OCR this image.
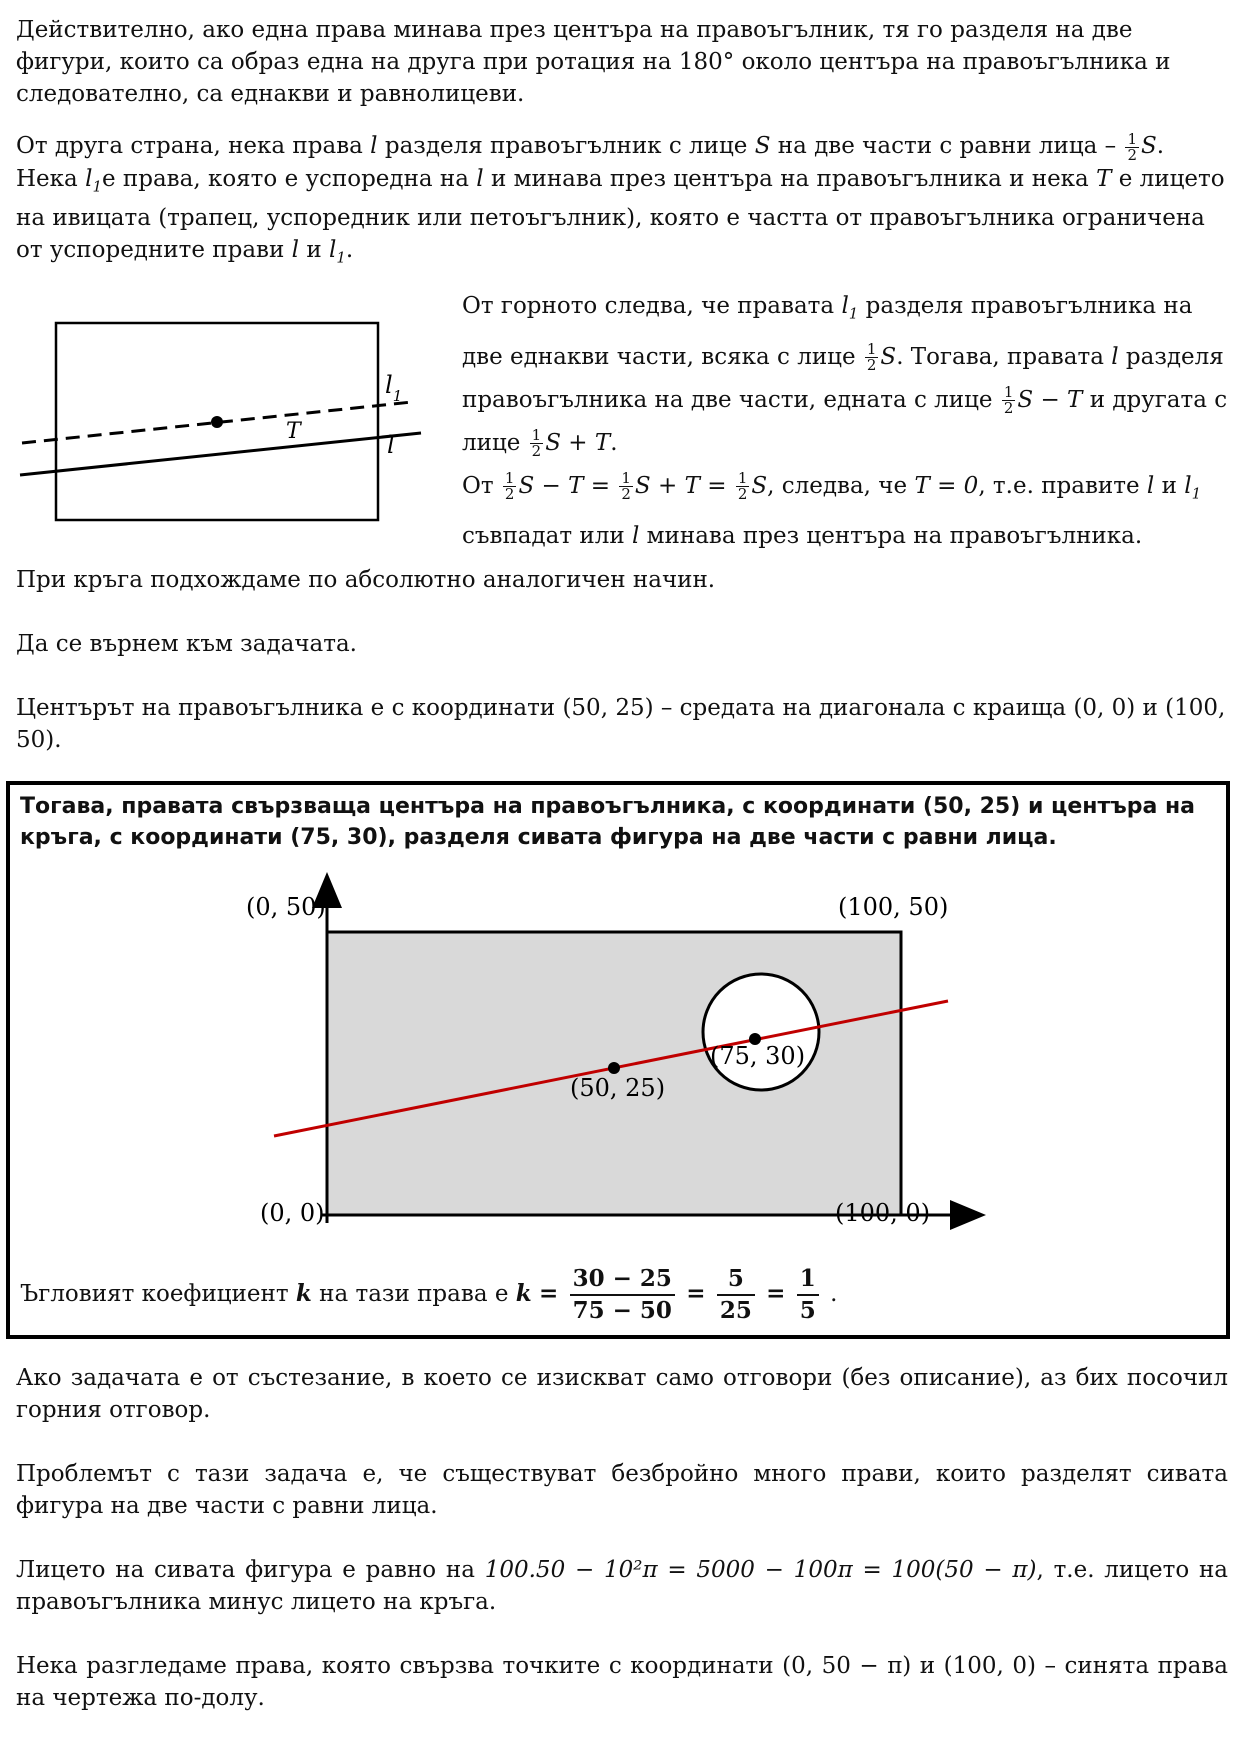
Действително, ако една права минава през центъра на правоъгълник, тя го разделя на две фигури, които са образ една на друга при ротация на 180° около центъра на правоъгълника и следователно, са еднакви и равнолицеви.
От друга страна, нека права l разделя правоъгълник с лице S на две части с равни лица – $\frac{1}{2} S$. Нека $l_1е$ права, която е успоредна на l и минава през центъра на правоъгълника и нека T е лицето на ивицата (трапец, успоредник или петоъгълник), която е частта от правоъгълника ограничена от успоредните прави l и $l_1$.
$l_1$
T	l
От горното следва, че правата $l_1$ разделя правоъгълника на две еднакви части, всяка с лице $\frac{1}{2} S$. Тогава, правата l разделя правоъгълника на две части, едната с лице $\frac{1}{2}$ S − T и другата с лице $\frac{1}{2}$ S + T.
От $\frac{1}{2}$ $S - T = \frac{1}{2}$ $S + T = \frac{1}{2} S$, следва, че T = 0, т.е. правите l и $l_1$ съвпадат или l минава през центъра на правоъгълника.
При кръга подхождаме по абсолютно аналогичен начин.
Да се върнем към задачата.
Центърът на правоъгълника е с координати (50, 25) – средата на диагонала с краища (0, 0) и (100, 50).
Тогава, правата свързваща центъра на правоъгълника, с координати (50, 25) и центъра на кръга, с координати (75, 30), разделя сивата фигура на две части с равни лица.
(0, 50)	(100, 50)
(0, 0)	(100, 0)
(50, 25)
(75, 30)
Ъгловият коефициент k на тази права е $k = \frac{30 - 25}{75 - 50} = \frac{5}{25} = \frac{1}{5}$ .
Ако задачата е от състезание, в което се изискват само отговори (без описание), аз бих посочил горния отговор.
Проблемът с тази задача е, че съществуват безбройно много прави, които разделят сивата фигура на две части с равни лица.
Лицето на сивата фигура е равно на 100.50 − 10²π = 5000 − 100π = 100(50 − π), т.е. лицето на правоъгълника минус лицето на кръга.
Нека разгледаме права, която свързва точките с координати (0, 50 − π) и (100, 0) – синята права на чертежа по-долу.
